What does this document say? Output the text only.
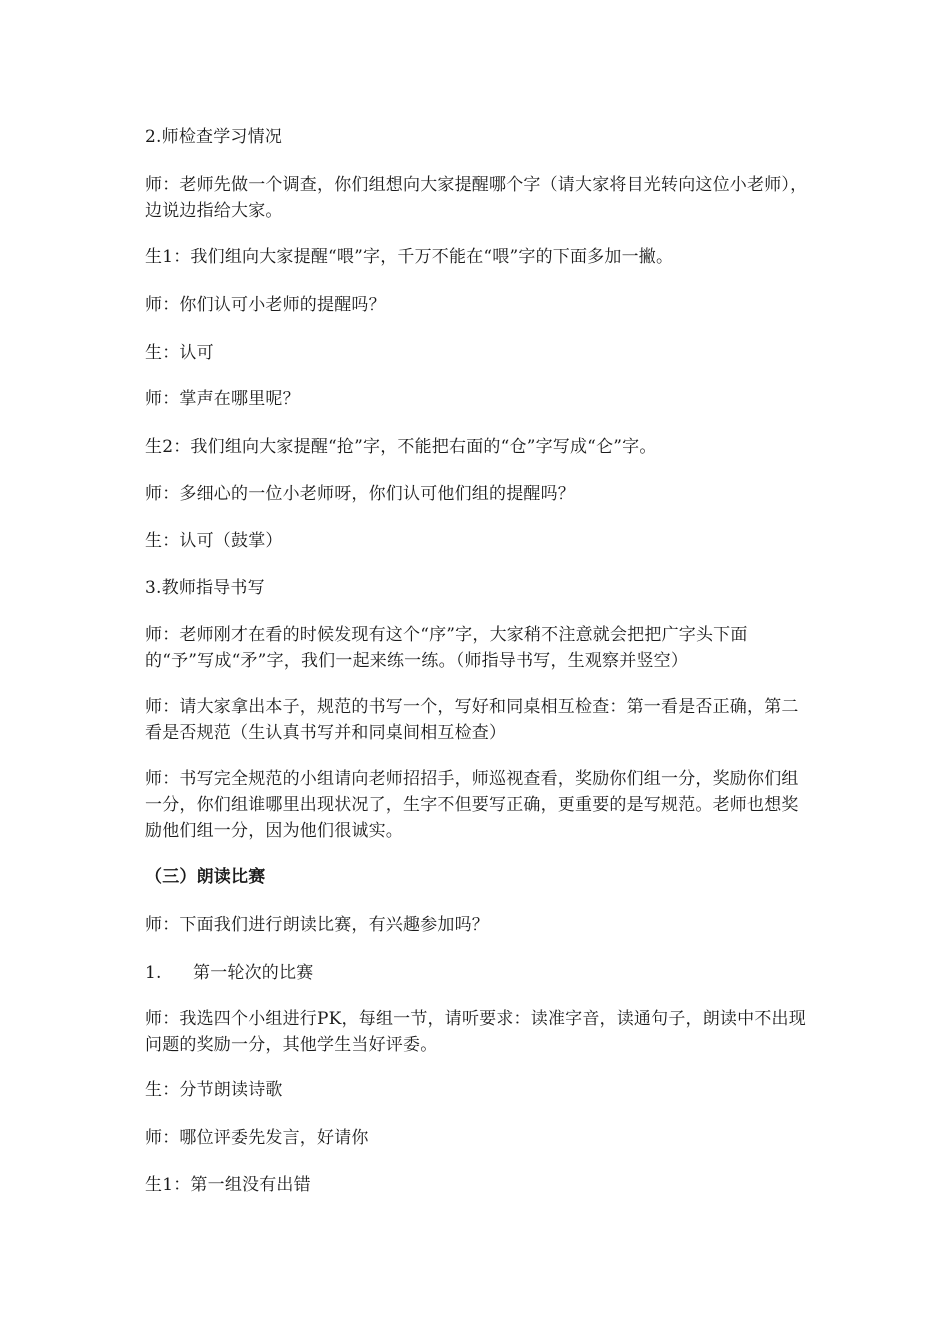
2.师检查学习情况

师：老师先做一个调查，你们组想向大家提醒哪个字（请大家将目光转向这位小老师），边说边指给大家。

生1：我们组向大家提醒“喂”字，千万不能在“喂”字的下面多加一撇。

师：你们认可小老师的提醒吗？

生：认可

师：掌声在哪里呢？

生2：我们组向大家提醒“抢”字，不能把右面的“仓”字写成“仑”字。

师：多细心的一位小老师呀，你们认可他们组的提醒吗？

生：认可（鼓掌）

3.教师指导书写

师：老师刚才在看的时候发现有这个“序”字，大家稍不注意就会把把广字头下面的“予”写成“矛”字，我们一起来练一练。（师指导书写，生观察并竖空）

师：请大家拿出本子，规范的书写一个，写好和同桌相互检查：第一看是否正确，第二看是否规范（生认真书写并和同桌间相互检查）

师：书写完全规范的小组请向老师招招手，师巡视查看，奖励你们组一分，奖励你们组一分，你们组谁哪里出现状况了，生字不但要写正确，更重要的是写规范。老师也想奖励他们组一分，因为他们很诚实。

（三）朗读比赛

师：下面我们进行朗读比赛，有兴趣参加吗？

1. 第一轮次的比赛

师：我选四个小组进行PK，每组一节，请听要求：读准字音，读通句子，朗读中不出现问题的奖励一分，其他学生当好评委。

生：分节朗读诗歌

师：哪位评委先发言，好请你

生1：第一组没有出错
